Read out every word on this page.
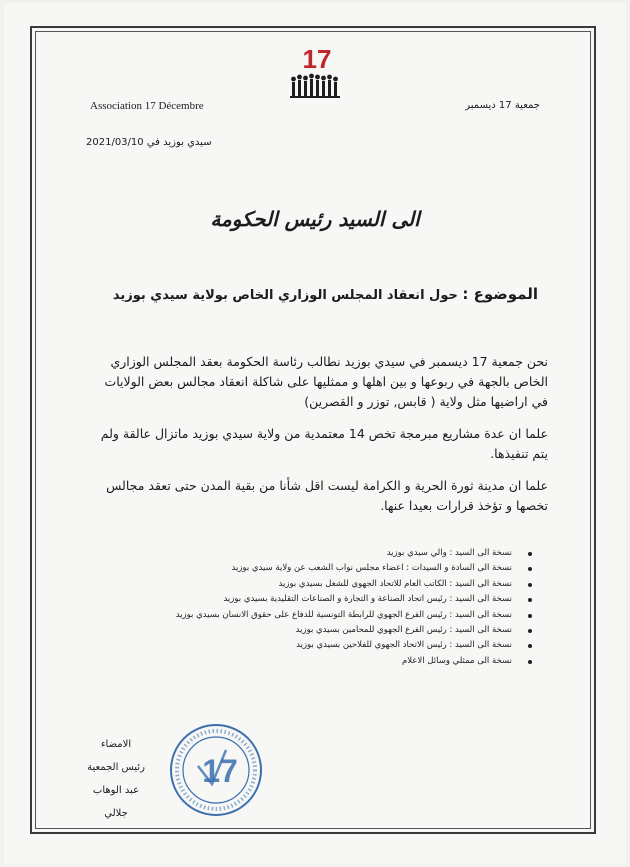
17
Association 17 Décembre	جمعية 17 ديسمبر
سيدي بوزيد في 2021/03/10
الى السيد رئيس الحكومة
الموضوع : حول انعقاد المجلس الوزاري الخاص بولاية سيدي بوزيد

نحن جمعية 17 ديسمبر في سيدي بوزيد نطالب رئاسة الحكومة بعقد المجلس الوزاري الخاص بالجهة في ربوعها و بين اهلها و ممثليها على شاكلة انعقاد مجالس بعض الولايات في اراضيها مثل ولاية ( قابس, توزر و القصرين)

علما ان عدة مشاريع مبرمجة تخص 14 معتمدية من ولاية سيدي بوزيد ماتزال عالقة ولم يتم تنفيذها.

علما ان مدينة ثورة الحرية و الكرامة ليست اقل شأنا من بقية المدن حتى تعقد مجالس تخصها و تؤخذ قرارات بعيدا عنها.

نسخة الى السيد : والي سيدي بوزيد
نسخة الى السادة و السيدات : اعضاء مجلس نواب الشعب عن ولاية سيدي بوزيد
نسخة الى السيد : الكاتب العام للاتحاد الجهوي للشغل بسيدي بوزيد
نسخة الى السيد : رئيس اتحاد الصناعة و التجارة و الصناعات التقليدية بسيدي بوزيد
نسخة الى السيد : رئيس الفرع الجهوي للرابطة التونسية للدفاع على حقوق الانسان بسيدي بوزيد
نسخة الى السيد : رئيس الفرع الجهوي للمحامين بسيدي بوزيد
نسخة الى السيد : رئيس الاتحاد الجهوي للفلاحين بسيدي بوزيد
نسخة الى ممثلي وسائل الاعلام
الامضاء
رئيس الجمعية
عبد الوهاب جلالي
17
